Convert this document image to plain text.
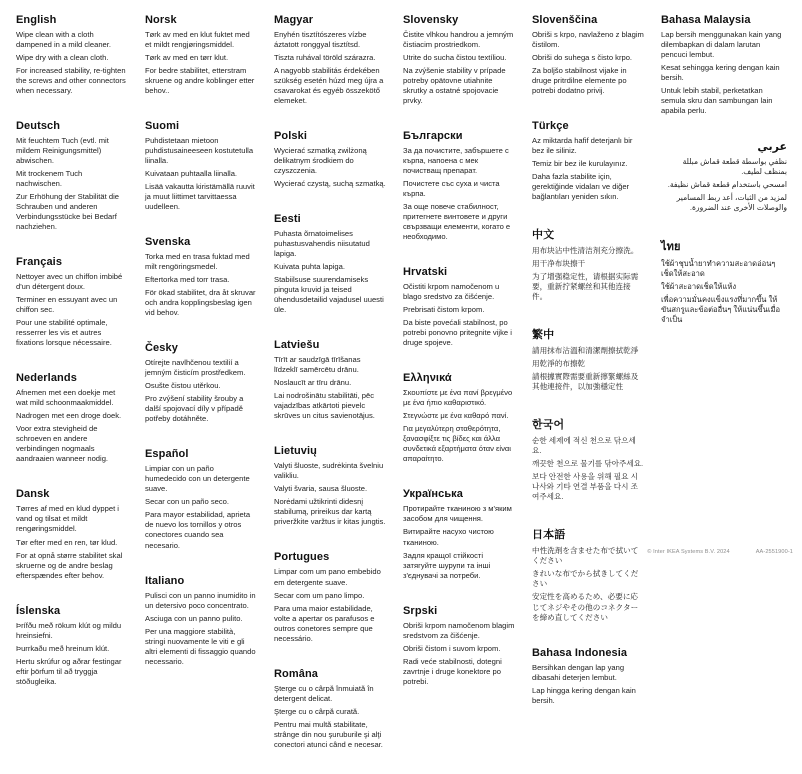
English

Wipe clean with a cloth dampened in a mild cleaner.

Wipe dry with a clean cloth.

For increased stability, re-tighten the screws and other connectors when necessary.

Deutsch

Mit feuchtem Tuch (evtl. mit mildem Reinigungsmittel) abwischen.

Mit trockenem Tuch nachwischen.

Zur Erhöhung der Stabilität die Schrauben und anderen Verbindungsstücke bei Bedarf nachziehen.

Français

Nettoyer avec un chiffon imbibé d'un détergent doux.

Terminer en essuyant avec un chiffon sec.

Pour une stabilité optimale, resserrer les vis et autres fixations lorsque nécessaire.

Nederlands

Afnemen met een doekje met wat mild schoonmaakmiddel.

Nadrogen met een droge doek.

Voor extra stevigheid de schroeven en andere verbindingen nogmaals aandraaien wanneer nodig.

Dansk

Tørres af med en klud dyppet i vand og tilsat et mildt rengøringsmiddel.

Tør efter med en ren, tør klud.

For at opnå større stabilitet skal skruerne og de andre beslag efterspændes efter behov.

Íslenska

Þrífðu með rökum klút og mildu hreinsiefni.

Þurrkaðu með hreinum klút.

Hertu skrúfur og aðrar festingar eftir þörfum til að tryggja stöðugleika.

Norsk

Tørk av med en klut fuktet med et mildt rengjøringsmiddel.

Tørk av med en tørr klut.

For bedre stabilitet, etterstram skruene og andre koblinger etter behov..

Suomi

Puhdistetaan mietoon puhdistusaineeseen kostutetulla liinalla.

Kuivataan puhtaalla liinalla.

Lisää vakautta kiristämällä ruuvit ja muut liittimet tarvittaessa uudelleen.

Svenska

Torka med en trasa fuktad med milt rengöringsmedel.

Eftertorka med torr trasa.

För ökad stabilitet, dra åt skruvar och andra kopplingsbeslag igen vid behov.

Česky

Otírejte navlhčenou textilií a jemným čisticím prostředkem.

Osušte čistou utěrkou.

Pro zvýšení stability šrouby a další spojovací díly v případě potřeby dotáhněte.

Español

Limpiar con un paño humedecido con un detergente suave.

Secar con un paño seco.

Para mayor estabilidad, aprieta de nuevo los tornillos y otros conectores cuando sea necesario.

Italiano

Pulisci con un panno inumidito in un detersivo poco concentrato.

Asciuga con un panno pulito.

Per una maggiore stabilità, stringi nuovamente le viti e gli altri elementi di fissaggio quando necessario.

Magyar

Enyhén tisztítószeres vízbe áztatott ronggyal tisztítsd.

Tiszta ruhával töröld szárazra.

A nagyobb stabilitás érdekében szükség esetén húzd meg újra a csavarokat és egyéb összekötő elemeket.

Polski

Wycierać szmatką zwilżoną delikatnym środkiem do czyszczenia.

Wycierać czystą, suchą szmatką.

Eesti

Puhasta õrnatoimelises puhastusvahendis niisutatud lapiga.

Kuivata puhta lapiga.

Stabiilsuse suurendamiseks pinguta kruvid ja teised ühendusdetailid vajadusel uuesti üle.

Latviešu

Tīrīt ar saudzīgā tīrīšanas līdzeklī samērcētu drānu.

Noslaucīt ar tīru drānu.

Lai nodrošinātu stabilitāti, pēc vajadzības atkārtoti pievelc skrūves un citus savienotājus.

Lietuvių

Valyti šluoste, sudrėkinta švelniu valikliu.

Valyti švaria, sausa šluoste.

Norėdami užtikrinti didesnį stabilumą, prireikus dar kartą priveržkite varžtus ir kitas jungtis.

Portugues

Limpar com um pano embebido em detergente suave.

Secar com um pano limpo.

Para uma maior estabilidade, volte a apertar os parafusos e outros conetores sempre que necessário.

Româna

Şterge cu o cârpă înmuiată în detergent delicat.

Şterge cu o cârpă curată.

Pentru mai multă stabilitate, strânge din nou şuruburile şi alţi conectori atunci când e necesar.

Slovensky

Čistite vlhkou handrou a jemným čistiacim prostriedkom.

Utrite do sucha čistou textíliou.

Na zvýšenie stability v prípade potreby opätovne utiahnite skrutky a ostatné spojovacie prvky.

Български

За да почистите, забършете с кърпа, напоена с мек почистващ препарат.

Почистете със суха и чиста кърпа.

За още повече стабилност, притегнете винтовете и други свързващи елементи, когато е необходимо.

Hrvatski

Očistiti krpom namočenom u blago sredstvo za čišćenje.

Prebrisati čistom krpom.

Da biste povećali stabilnost, po potrebi ponovno pritegnite vijke i druge spojeve.

Ελληνικά

Σκουπίστε με ένα πανί βρεγμένο με ένα ήπιο καθαριστικό.

Στεγνώστε με ένα καθαρό πανί.

Για μεγαλύτερη σταθερότητα, ξανασφίξτε τις βίδες και άλλα συνδετικά εξαρτήματα όταν είναι απαραίτητο.

Українська

Протирайте тканиною з м'яким засобом для чищення.

Витирайте насухо чистою тканиною.

Задля кращої стійкості затягуйте шурупи та інші з'єднувачі за потреби.

Srpski

Obriši krpom namočenom blagim sredstvom za čišćenje.

Obriši čistom i suvom krpom.

Radi veće stabilnosti, dotegni zavrtnje i druge konektore po potrebi.

Slovenščina

Obriši s krpo, navlaženo z blagim čistilom.

Obriši do suhega s čisto krpo.

Za boljšo stabilnost vijake in druge pritrdilne elemente po potrebi dodatno privij.

Türkçe

Az miktarda hafif deterjanlı bir bez ile siliniz.

Temiz bir bez ile kurulayınız.

Daha fazla stabilite için, gerektiğinde vidaları ve diğer bağlantıları yeniden sıkın.

中文

用布块沾中性清洁剂充分擦洗。

用干净布块擦干

为了增强稳定性，请根据实际需要，重新拧紧螺丝和其他连接件。

繁中

請用抹布沾溫和清潔劑擦拭乾淨

用乾淨的布擦乾

請根據實際需要重新擰緊螺絲及其他連接件，以加強穩定性

한국어

순한 세제에 적신 천으로 닦으세요.

깨끗한 천으로 물기를 닦아주세요.

보다 안전한 사용을 위해 필요 시 나사와 기타 연결 부품을 다시 조여주세요.

日本語

中性洗剤を含ませた布で拭いてください

きれいな布でから拭きしてください

安定性を高めるため、必要に応じてネジやその他のコネクターを締め直してください

Bahasa Indonesia

Bersihkan dengan lap yang dibasahi deterjen lembut.

Lap hingga kering dengan kain bersih.

Bahasa Malaysia

Lap bersih menggunakan kain yang dilembapkan di dalam larutan pencuci lembut.

Kesat sehingga kering dengan kain bersih.

Untuk lebih stabil, perketatkan semula skru dan sambungan lain apabila perlu.

عربي

نظفي بواسطة قطعة قماش مبللة بمنظف لطيف.

امسحي باستخدام قطعة قماش نظيفة.

لمزيد من الثبات، أعد ربط المسامير والوصلات الأخرى عند الضرورة.

ไทย

ใช้ผ้าชุบน้ำยาทำความสะอาดอ่อนๆ เช็ดให้สะอาด

ใช้ผ้าสะอาดเช็ดให้แห้ง

เพื่อความมั่นคงแข็งแรงที่มากขึ้น ให้ขันสกรูและข้อต่ออื่นๆ ให้แน่นขึ้นเมื่อจำเป็น

© Inter IKEA Systems B.V. 2024	AA-2551900-1
